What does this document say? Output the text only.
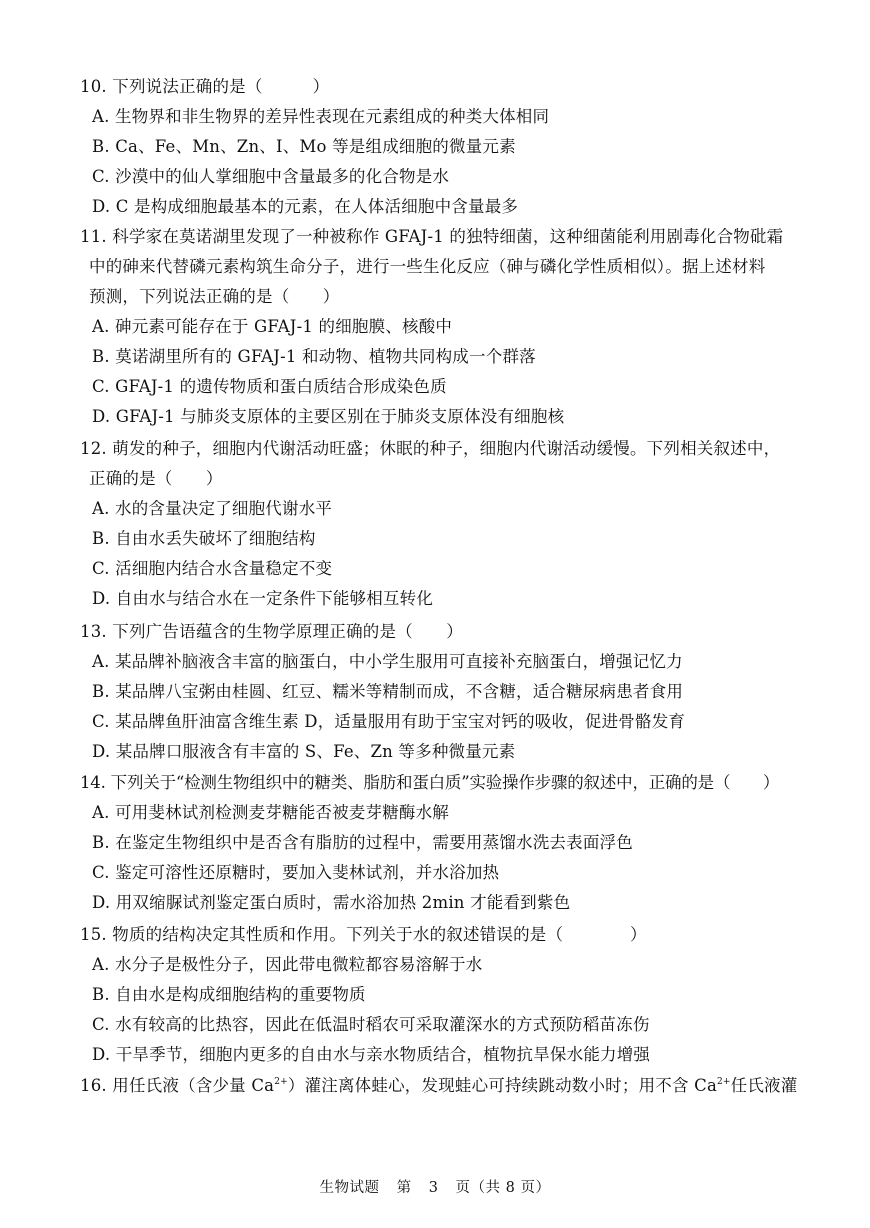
10. 下列说法正确的是（　　　）

A. 生物界和非生物界的差异性表现在元素组成的种类大体相同

B. Ca、Fe、Mn、Zn、I、Mo 等是组成细胞的微量元素

C. 沙漠中的仙人掌细胞中含量最多的化合物是水

D. C 是构成细胞最基本的元素，在人体活细胞中含量最多

11. 科学家在莫诺湖里发现了一种被称作 GFAJ-1 的独特细菌，这种细菌能利用剧毒化合物砒霜
中的砷来代替磷元素构筑生命分子，进行一些生化反应（砷与磷化学性质相似）。据上述材料
预测，下列说法正确的是（　　）

A. 砷元素可能存在于 GFAJ-1 的细胞膜、核酸中

B. 莫诺湖里所有的 GFAJ-1 和动物、植物共同构成一个群落

C. GFAJ-1 的遗传物质和蛋白质结合形成染色质

D. GFAJ-1 与肺炎支原体的主要区别在于肺炎支原体没有细胞核

12. 萌发的种子，细胞内代谢活动旺盛；休眠的种子，细胞内代谢活动缓慢。下列相关叙述中，
正确的是（　　）

A. 水的含量决定了细胞代谢水平

B. 自由水丢失破坏了细胞结构

C. 活细胞内结合水含量稳定不变

D. 自由水与结合水在一定条件下能够相互转化

13. 下列广告语蕴含的生物学原理正确的是（　　）

A. 某品牌补脑液含丰富的脑蛋白，中小学生服用可直接补充脑蛋白，增强记忆力

B. 某品牌八宝粥由桂圆、红豆、糯米等精制而成，不含糖，适合糖尿病患者食用

C. 某品牌鱼肝油富含维生素 D，适量服用有助于宝宝对钙的吸收，促进骨骼发育

D. 某品牌口服液含有丰富的 S、Fe、Zn 等多种微量元素

14. 下列关于“检测生物组织中的糖类、脂肪和蛋白质”实验操作步骤的叙述中，正确的是（　　）

A. 可用斐林试剂检测麦芽糖能否被麦芽糖酶水解

B. 在鉴定生物组织中是否含有脂肪的过程中，需要用蒸馏水洗去表面浮色

C. 鉴定可溶性还原糖时，要加入斐林试剂，并水浴加热

D. 用双缩脲试剂鉴定蛋白质时，需水浴加热 2min 才能看到紫色

15. 物质的结构决定其性质和作用。下列关于水的叙述错误的是（　　　　）

A. 水分子是极性分子，因此带电微粒都容易溶解于水

B. 自由水是构成细胞结构的重要物质

C. 水有较高的比热容，因此在低温时稻农可采取灌深水的方式预防稻苗冻伤

D. 干旱季节，细胞内更多的自由水与亲水物质结合，植物抗旱保水能力增强

16. 用任氏液（含少量 $Ca^{2+}$）灌注离体蛙心，发现蛙心可持续跳动数小时；用不含 $Ca^{2+}$任氏液灌

生物试题 第 3 页（共 8 页）
